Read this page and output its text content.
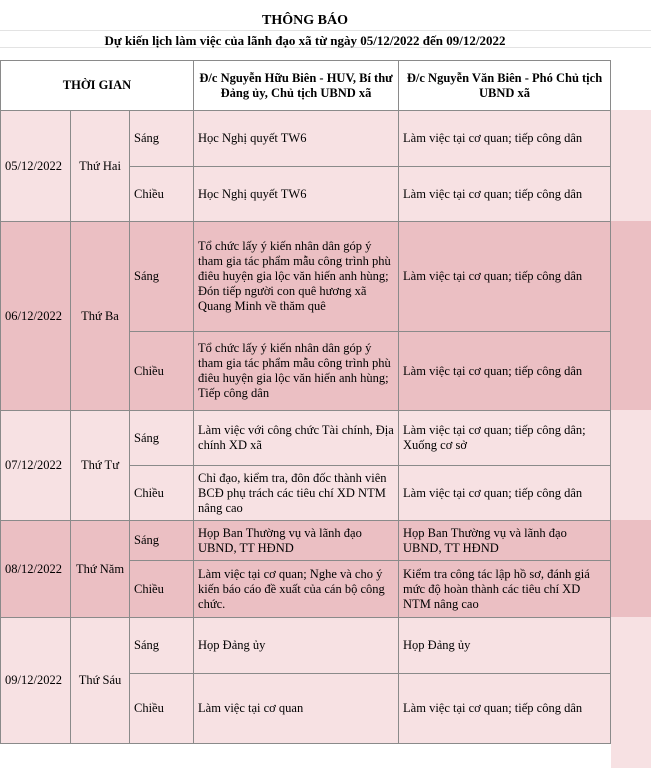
THÔNG BÁO
Dự kiến lịch làm việc của lãnh đạo xã từ ngày 05/12/2022 đến 09/12/2022
THỜI GIAN			Đ/c Nguyễn Hữu Biên - HUV, Bí thư Đảng ủy, Chủ tịch UBND xã	Đ/c Nguyễn Văn Biên - Phó Chủ tịch UBND xã
05/12/2022	Thứ Hai	Sáng	Học Nghị quyết TW6	Làm việc tại cơ quan; tiếp công dân
		Chiều	Học Nghị quyết TW6	Làm việc tại cơ quan; tiếp công dân
06/12/2022	Thứ Ba	Sáng	Tổ chức lấy ý kiến nhân dân góp ý tham gia tác phẩm mẫu công trình phù điêu huyện gia lộc văn hiến anh hùng; Đón tiếp người con quê hương xã Quang Minh về thăm quê	Làm việc tại cơ quan; tiếp công dân
		Chiều	Tổ chức lấy ý kiến nhân dân góp ý tham gia tác phẩm mẫu công trình phù điêu huyện gia lộc văn hiến anh hùng; Tiếp công dân	Làm việc tại cơ quan; tiếp công dân
07/12/2022	Thứ Tư	Sáng	Làm việc với công chức Tài chính, Địa chính XD xã	Làm việc tại cơ quan; tiếp công dân; Xuống cơ sở
		Chiều	Chỉ đạo, kiểm tra, đôn đốc thành viên BCĐ phụ trách các tiêu chí XD NTM nâng cao	Làm việc tại cơ quan; tiếp công dân
08/12/2022	Thứ Năm	Sáng	Họp Ban Thường vụ và lãnh đạo UBND, TT HĐND	Họp Ban Thường vụ và lãnh đạo UBND, TT HĐND
		Chiều	Làm việc tại cơ quan; Nghe và cho ý kiến báo cáo đề xuất của cán bộ công chức.	Kiểm tra công tác lập hồ sơ, đánh giá mức độ hoàn thành các tiêu chí XD NTM nâng cao
09/12/2022	Thứ Sáu	Sáng	Họp Đảng ủy	Họp Đảng ủy
		Chiều	Làm việc tại cơ quan	Làm việc tại cơ quan; tiếp công dân
